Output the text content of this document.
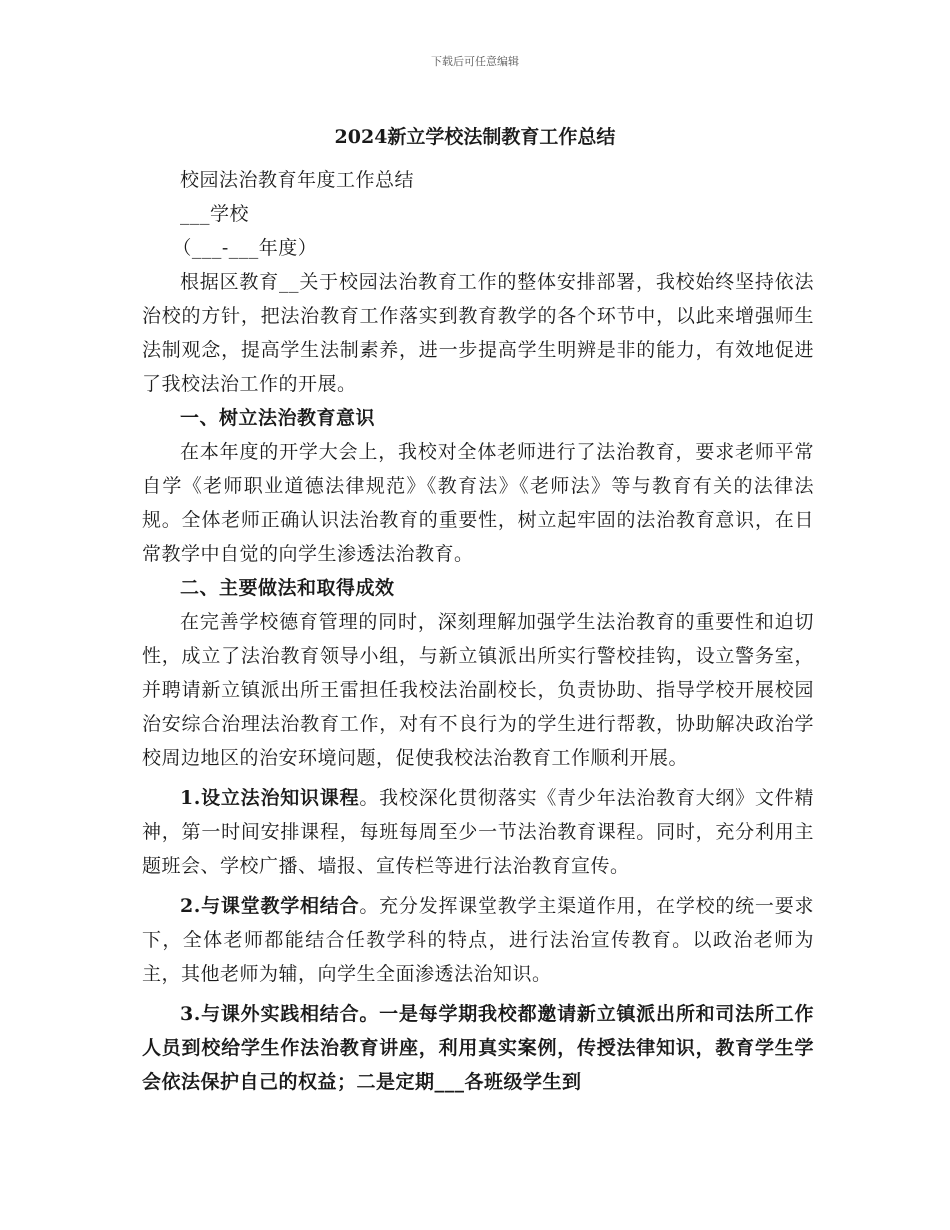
下载后可任意编辑
2024新立学校法制教育工作总结

校园法治教育年度工作总结

___学校

（___-___年度）

根据区教育__关于校园法治教育工作的整体安排部署，我校始终坚持依法治校的方针，把法治教育工作落实到教育教学的各个环节中，以此来增强师生法制观念，提高学生法制素养，进一步提高学生明辨是非的能力，有效地促进了我校法治工作的开展。

一、树立法治教育意识

在本年度的开学大会上，我校对全体老师进行了法治教育，要求老师平常自学《老师职业道德法律规范》《教育法》《老师法》等与教育有关的法律法规。全体老师正确认识法治教育的重要性，树立起牢固的法治教育意识，在日常教学中自觉的向学生渗透法治教育。

二、主要做法和取得成效

在完善学校德育管理的同时，深刻理解加强学生法治教育的重要性和迫切性，成立了法治教育领导小组，与新立镇派出所实行警校挂钩，设立警务室，并聘请新立镇派出所王雷担任我校法治副校长，负责协助、指导学校开展校园治安综合治理法治教育工作，对有不良行为的学生进行帮教，协助解决政治学校周边地区的治安环境问题，促使我校法治教育工作顺利开展。

1.设立法治知识课程。我校深化贯彻落实《青少年法治教育大纲》文件精神，第一时间安排课程，每班每周至少一节法治教育课程。同时，充分利用主题班会、学校广播、墙报、宣传栏等进行法治教育宣传。

2.与课堂教学相结合。充分发挥课堂教学主渠道作用，在学校的统一要求下，全体老师都能结合任教学科的特点，进行法治宣传教育。以政治老师为主，其他老师为辅，向学生全面渗透法治知识。

3.与课外实践相结合。一是每学期我校都邀请新立镇派出所和司法所工作人员到校给学生作法治教育讲座，利用真实案例，传授法律知识，教育学生学会依法保护自己的权益；二是定期___各班级学生到
